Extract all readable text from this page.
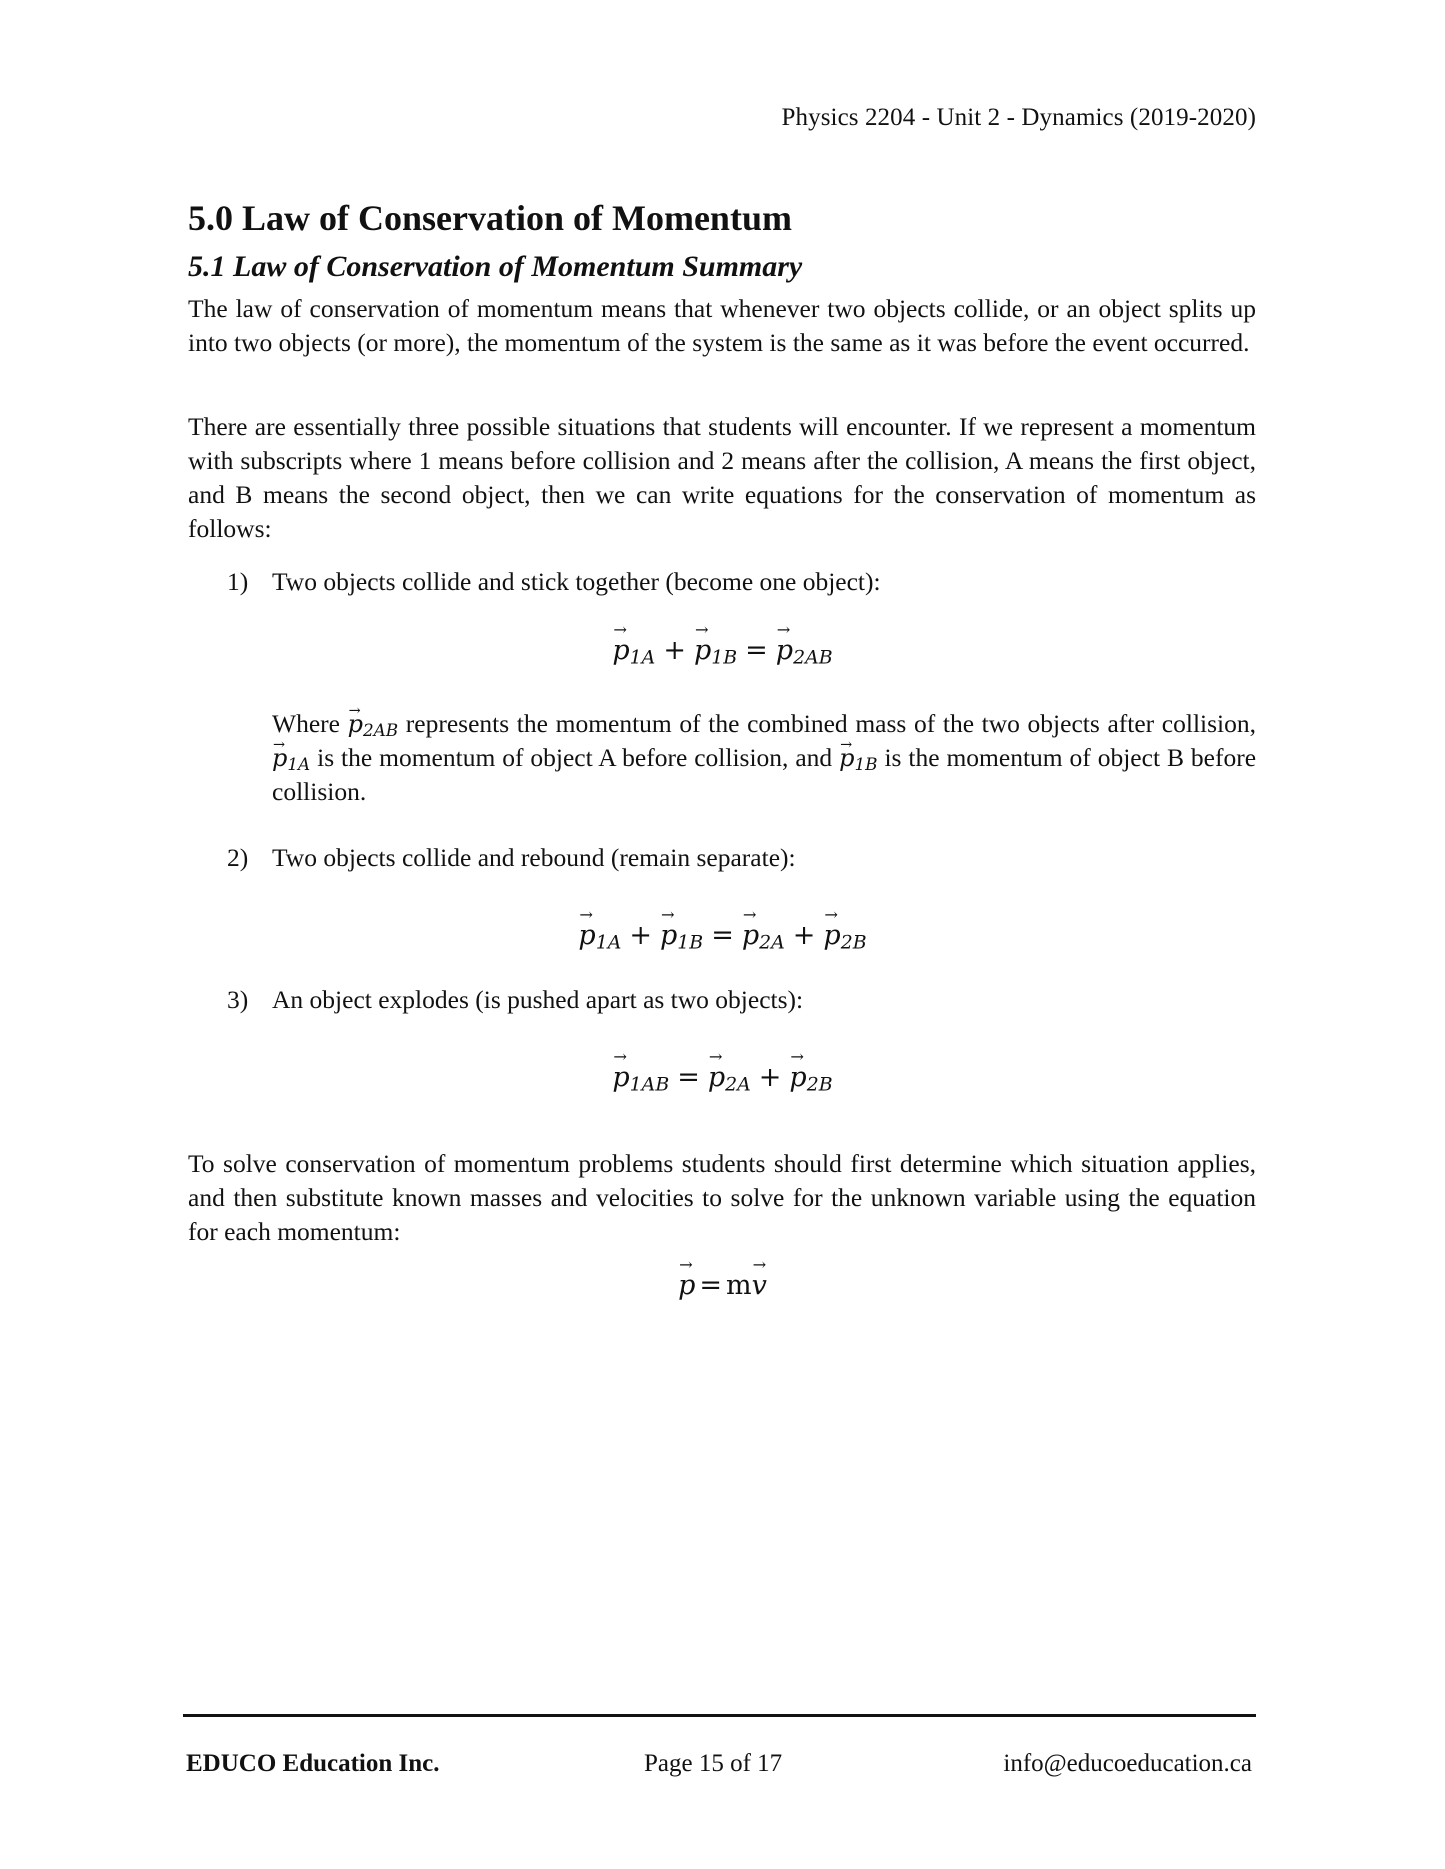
Physics 2204 - Unit 2 - Dynamics (2019-2020)
5.0 Law of Conservation of Momentum
5.1 Law of Conservation of Momentum Summary

The law of conservation of momentum means that whenever two objects collide, or an object splits up into two objects (or more), the momentum of the system is the same as it was before the event occurred.

There are essentially three possible situations that students will encounter. If we represent a momentum with subscripts where 1 means before collision and 2 means after the collision, A means the first object, and B means the second object, then we can write equations for the conservation of momentum as follows:

1) Two objects collide and stick together (become one object):

→ $p_{1A} +\to p_{1B} =\to p_{2AB}$

Where → $p_{2AB}$ represents the momentum of the combined mass of the two objects after collision, → $p_{1A}$ is the momentum of object A before collision, and → $p_{1B}$ is the momentum of object B before collision.

2) Two objects collide and rebound (remain separate):

→ $p_{1A} +\to p_{1B} =\to p_{2A} +\to p_{2B}$

3) An object explodes (is pushed apart as two objects):

→ $p_{1AB} =\to p_{2A} +\to p_{2B}$

To solve conservation of momentum problems students should first determine which situation applies, and then substitute known masses and velocities to solve for the unknown variable using the equation for each momentum:

→ p = m→ v
EDUCO Education Inc.	Page 15 of 17	info@educoeducation.ca
